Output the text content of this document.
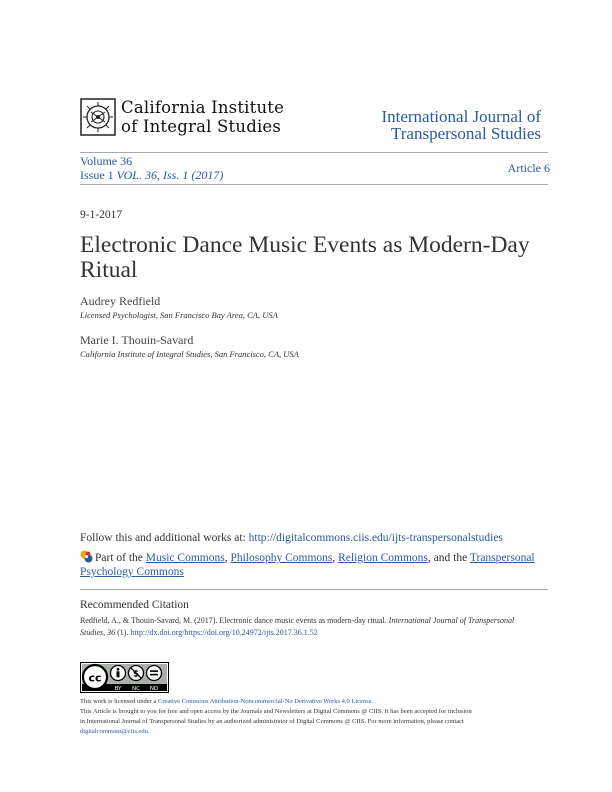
California Institute
of Integral Studies
International Journal of
Transpersonal Studies
Volume 36
Issue 1 VOL. 36, Iss. 1 (2017)	Article 6
9-1-2017
Electronic Dance Music Events as Modern-Day
Ritual
Audrey Redfield
Licensed Psychologist, San Francisco Bay Area, CA, USA
Marie I. Thouin-Savard
California Institute of Integral Studies, San Francisco, CA, USA
Follow this and additional works at: http://digitalcommons.ciis.edu/ijts-transpersonalstudies
Part of the Music Commons, Philosophy Commons, Religion Commons, and the Transpersonal
Psychology Commons
Recommended Citation
Redfield, A., & Thouin-Savard, M. (2017). Electronic dance music events as modern-day ritual. International Journal of Transpersonal
Studies, 36 (1). http://dx.doi.org/https://doi.org/10.24972/ijts.2017.36.1.52
cc	$
BY NC ND
This work is licensed under a Creative Commons Attribution-Noncommercial-No Derivative Works 4.0 License.
This Article is brought to you for free and open access by the Journals and Newsletters at Digital Commons @ CIIS. It has been accepted for inclusion
in International Journal of Transpersonal Studies by an authorized administrator of Digital Commons @ CIIS. For more information, please contact
digitalcommons@ciis.edu.
